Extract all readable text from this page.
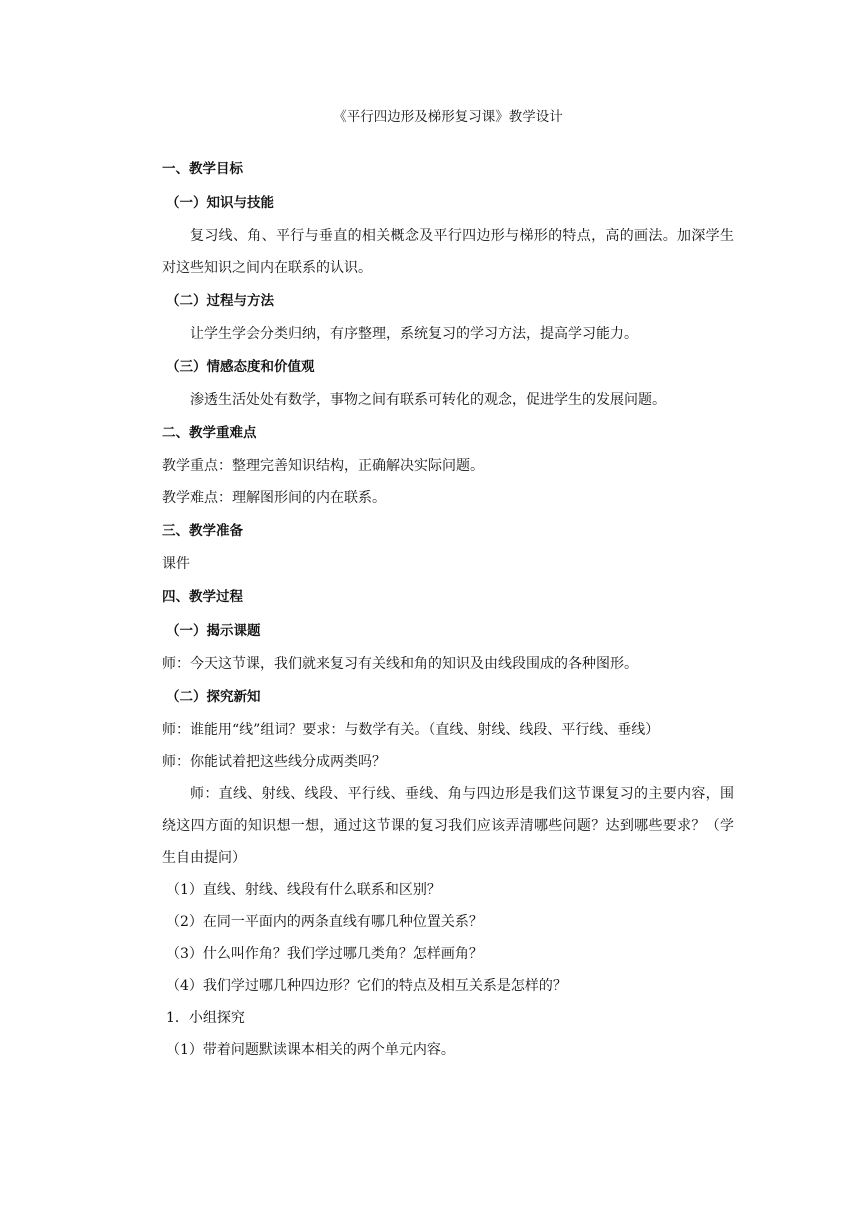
《平行四边形及梯形复习课》教学设计
一、教学目标
（一）知识与技能

复习线、角、平行与垂直的相关概念及平行四边形与梯形的特点，高的画法。加深学生对这些知识之间内在联系的认识。

（二）过程与方法

让学生学会分类归纳，有序整理，系统复习的学习方法，提高学习能力。

（三）情感态度和价值观

渗透生活处处有数学，事物之间有联系可转化的观念，促进学生的发展问题。

二、教学重难点

教学重点：整理完善知识结构，正确解决实际问题。

教学难点：理解图形间的内在联系。

三、教学准备

课件

四、教学过程
（一）揭示课题

师：今天这节课，我们就来复习有关线和角的知识及由线段围成的各种图形。

（二）探究新知

师：谁能用“线”组词？要求：与数学有关。（直线、射线、线段、平行线、垂线）

师：你能试着把这些线分成两类吗？

师：直线、射线、线段、平行线、垂线、角与四边形是我们这节课复习的主要内容，围绕这四方面的知识想一想，通过这节课的复习我们应该弄清哪些问题？达到哪些要求？（学生自由提问）

（1）直线、射线、线段有什么联系和区别？

（2）在同一平面内的两条直线有哪几种位置关系？

（3）什么叫作角？我们学过哪几类角？怎样画角？

（4）我们学过哪几种四边形？它们的特点及相互关系是怎样的？

1．小组探究

（1）带着问题默读课本相关的两个单元内容。
